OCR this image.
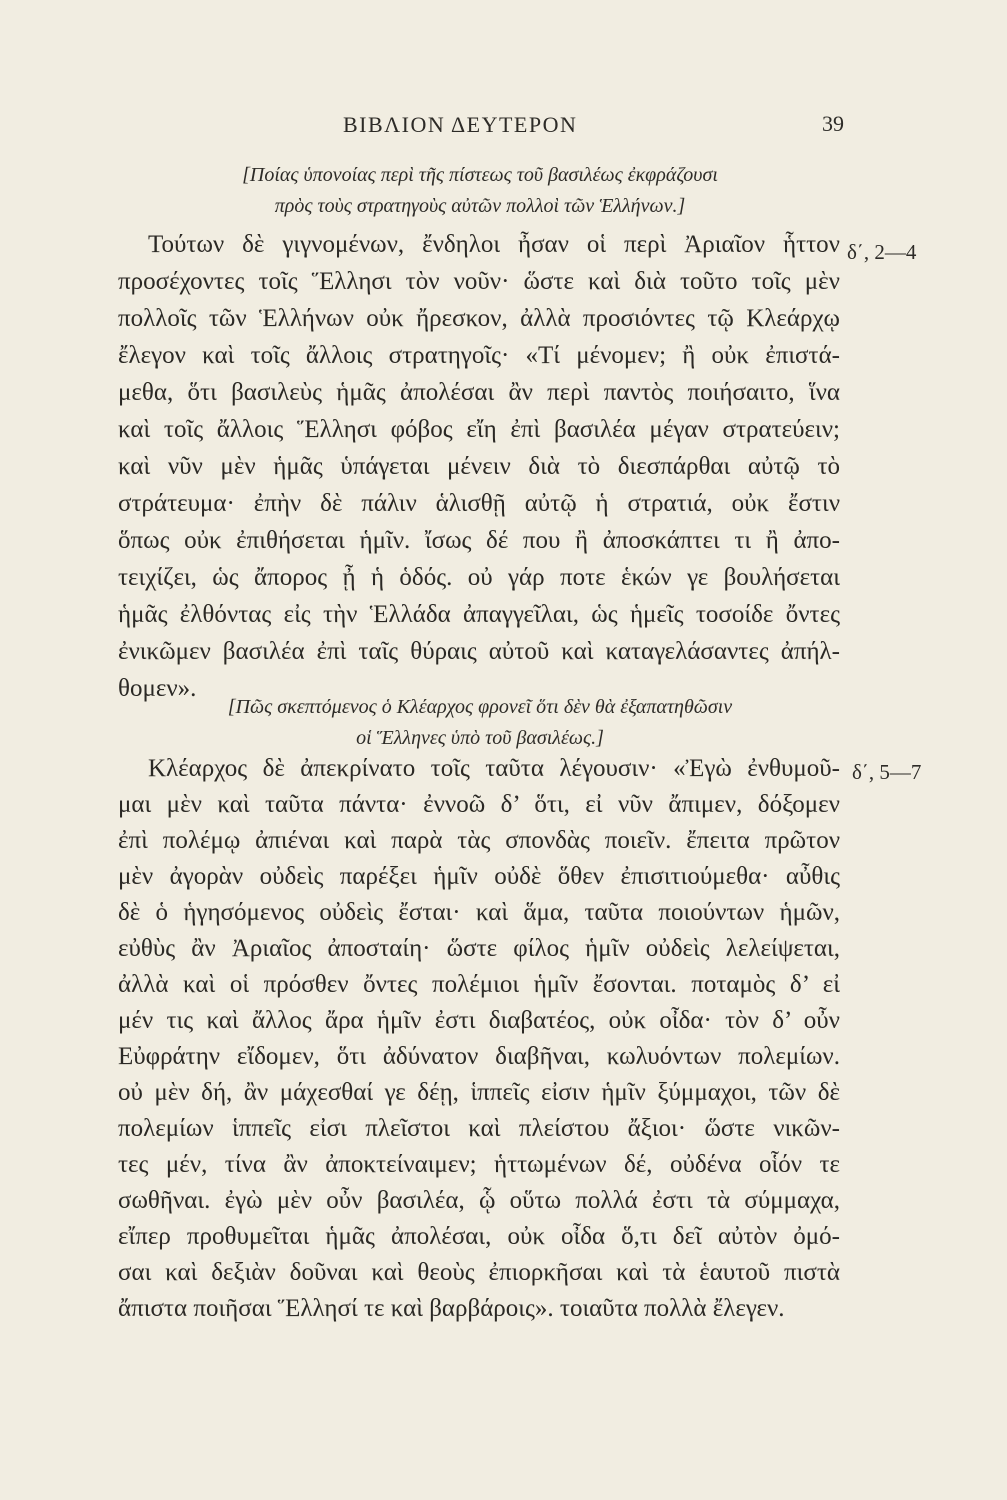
ΒΙΒΛΙΟΝ ΔΕΥΤΕΡΟΝ	39
[Ποίας ὑπονοίας περὶ τῆς πίστεως τοῦ βασιλέως ἐκφράζουσι
πρὸς τοὺς στρατηγοὺς αὐτῶν πολλοὶ τῶν Ἑλλήνων.]
δ΄, 2—4
Τούτων δὲ γιγνομένων, ἔνδηλοι ἦσαν οἱ περὶ Ἀριαῖον ἧττον
προσέχοντες τοῖς Ἕλλησι τὸν νοῦν· ὥστε καὶ διὰ τοῦτο τοῖς μὲν
πολλοῖς τῶν Ἑλλήνων οὐκ ἤρεσκον, ἀλλὰ προσιόντες τῷ Κλεάρχῳ
ἔλεγον καὶ τοῖς ἄλλοις στρατηγοῖς· «Τί μένομεν; ἢ οὐκ ἐπιστά-
μεθα, ὅτι βασιλεὺς ἡμᾶς ἀπολέσαι ἂν περὶ παντὸς ποιήσαιτο, ἵνα
καὶ τοῖς ἄλλοις Ἕλλησι φόβος εἴη ἐπὶ βασιλέα μέγαν στρατεύειν;
καὶ νῦν μὲν ἡμᾶς ὑπάγεται μένειν διὰ τὸ διεσπάρθαι αὐτῷ τὸ
στράτευμα· ἐπὴν δὲ πάλιν ἁλισθῇ αὐτῷ ἡ στρατιά, οὐκ ἔστιν
ὅπως οὐκ ἐπιθήσεται ἡμῖν. ἴσως δέ που ἢ ἀποσκάπτει τι ἢ ἀπο-
τειχίζει, ὡς ἄπορος ᾖ ἡ ὁδός. οὐ γάρ ποτε ἑκών γε βουλήσεται
ἡμᾶς ἐλθόντας εἰς τὴν Ἑλλάδα ἀπαγγεῖλαι, ὡς ἡμεῖς τοσοίδε ὄντες
ἐνικῶμεν βασιλέα ἐπὶ ταῖς θύραις αὐτοῦ καὶ καταγελάσαντες ἀπήλ-
θομεν».
[Πῶς σκεπτόμενος ὁ Κλέαρχος φρονεῖ ὅτι δὲν θὰ ἐξαπατηθῶσιν
οἱ Ἕλληνες ὑπὸ τοῦ βασιλέως.]
δ΄, 5—7
Κλέαρχος δὲ ἀπεκρίνατο τοῖς ταῦτα λέγουσιν· «Ἐγὼ ἐνθυμοῦ-
μαι μὲν καὶ ταῦτα πάντα· ἐννοῶ δ’ ὅτι, εἰ νῦν ἄπιμεν, δόξομεν
ἐπὶ πολέμῳ ἀπιέναι καὶ παρὰ τὰς σπονδὰς ποιεῖν. ἔπειτα πρῶτον
μὲν ἀγορὰν οὐδεὶς παρέξει ἡμῖν οὐδὲ ὅθεν ἐπισιτιούμεθα· αὖθις
δὲ ὁ ἡγησόμενος οὐδεὶς ἔσται· καὶ ἅμα, ταῦτα ποιούντων ἡμῶν,
εὐθὺς ἂν Ἀριαῖος ἀποσταίη· ὥστε φίλος ἡμῖν οὐδεὶς λελείψεται,
ἀλλὰ καὶ οἱ πρόσθεν ὄντες πολέμιοι ἡμῖν ἔσονται. ποταμὸς δ’ εἰ
μέν τις καὶ ἄλλος ἄρα ἡμῖν ἐστι διαβατέος, οὐκ οἶδα· τὸν δ’ οὖν
Εὐφράτην εἴδομεν, ὅτι ἀδύνατον διαβῆναι, κωλυόντων πολεμίων.
οὐ μὲν δή, ἂν μάχεσθαί γε δέῃ, ἱππεῖς εἰσιν ἡμῖν ξύμμαχοι, τῶν δὲ
πολεμίων ἱππεῖς εἰσι πλεῖστοι καὶ πλείστου ἄξιοι· ὥστε νικῶν-
τες μέν, τίνα ἂν ἀποκτείναιμεν; ἡττωμένων δέ, οὐδένα οἷόν τε
σωθῆναι. ἐγὼ μὲν οὖν βασιλέα, ᾧ οὕτω πολλά ἐστι τὰ σύμμαχα,
εἴπερ προθυμεῖται ἡμᾶς ἀπολέσαι, οὐκ οἶδα ὅ,τι δεῖ αὐτὸν ὀμό-
σαι καὶ δεξιὰν δοῦναι καὶ θεοὺς ἐπιορκῆσαι καὶ τὰ ἑαυτοῦ πιστὰ
ἄπιστα ποιῆσαι Ἕλλησί τε καὶ βαρβάροις». τοιαῦτα πολλὰ ἔλεγεν.
